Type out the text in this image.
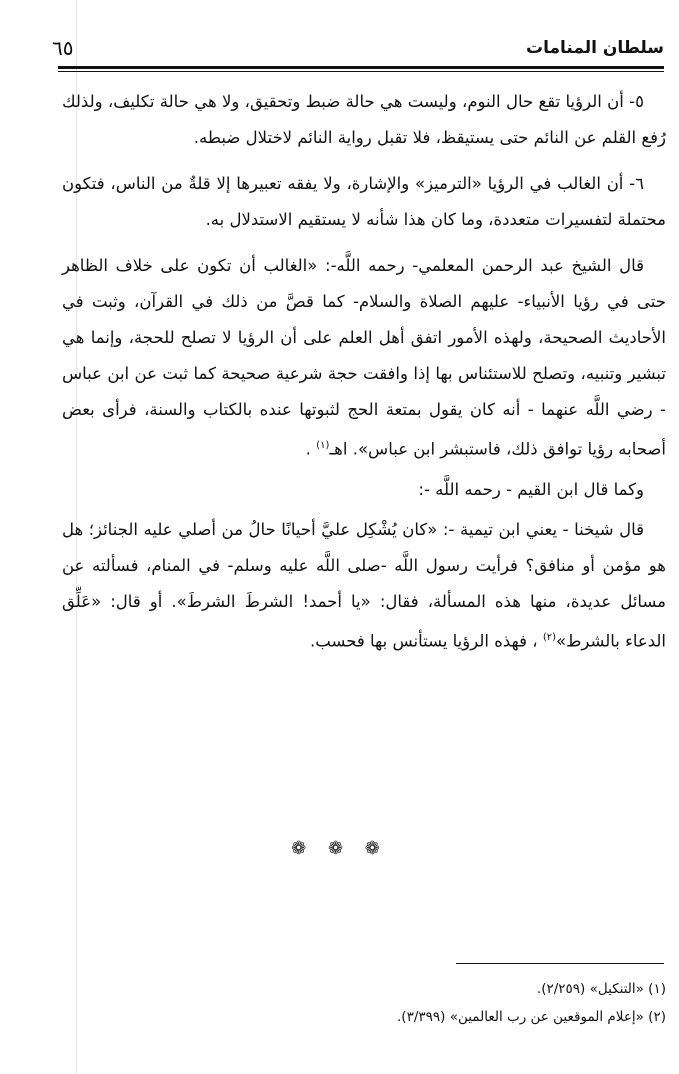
سلطان المنامات
٦٥

٥- أن الرؤيا تقع حال النوم، وليست هي حالة ضبط وتحقيق، ولا هي حالة تكليف، ولذلك رُفع القلم عن النائم حتى يستيقظ، فلا تقبل رواية النائم لاختلال ضبطه.

٦- أن الغالب في الرؤيا «الترميز» والإشارة، ولا يفقه تعبيرها إلا قلةٌ من الناس، فتكون محتملة لتفسيرات متعددة، وما كان هذا شأنه لا يستقيم الاستدلال به.

قال الشيخ عبد الرحمن المعلمي- رحمه اللَّه-: «الغالب أن تكون على خلاف الظاهر حتى في رؤيا الأنبياء- عليهم الصلاة والسلام- كما قصَّ من ذلك في القرآن، وثبت في الأحاديث الصحيحة، ولهذه الأمور اتفق أهل العلم على أن الرؤيا لا تصلح للحجة، وإنما هي تبشير وتنبيه، وتصلح للاستئناس بها إذا وافقت حجة شرعية صحيحة كما ثبت عن ابن عباس - رضي اللَّه عنهما - أنه كان يقول بمتعة الحج لثبوتها عنده بالكتاب والسنة، فرأى بعض أصحابه رؤيا توافق ذلك، فاستبشر ابن عباس». اهـ$^{(١)}$ .

وكما قال ابن القيم - رحمه اللَّه -:

قال شيخنا - يعني ابن تيمية -: «كان يُشْكِل عليَّ أحيانًا حالُ من أصلي عليه الجنائز؛ هل هو مؤمن أو منافق؟ فرأيت رسول اللَّه -صلى اللَّه عليه وسلم- في المنام، فسألته عن مسائل عديدة، منها هذه المسألة، فقال: «يا أحمد! الشرطَ الشرطَ». أو قال: «عَلِّق الدعاء بالشرط»$^{(٢)}$ ، فهذه الرؤيا يستأنس بها فحسب.

❁ ❁ ❁

(١) «التنكيل» (٢/٢٥٩).

(٢) «إعلام الموقعين عن رب العالمين» (٣/٣٩٩).
